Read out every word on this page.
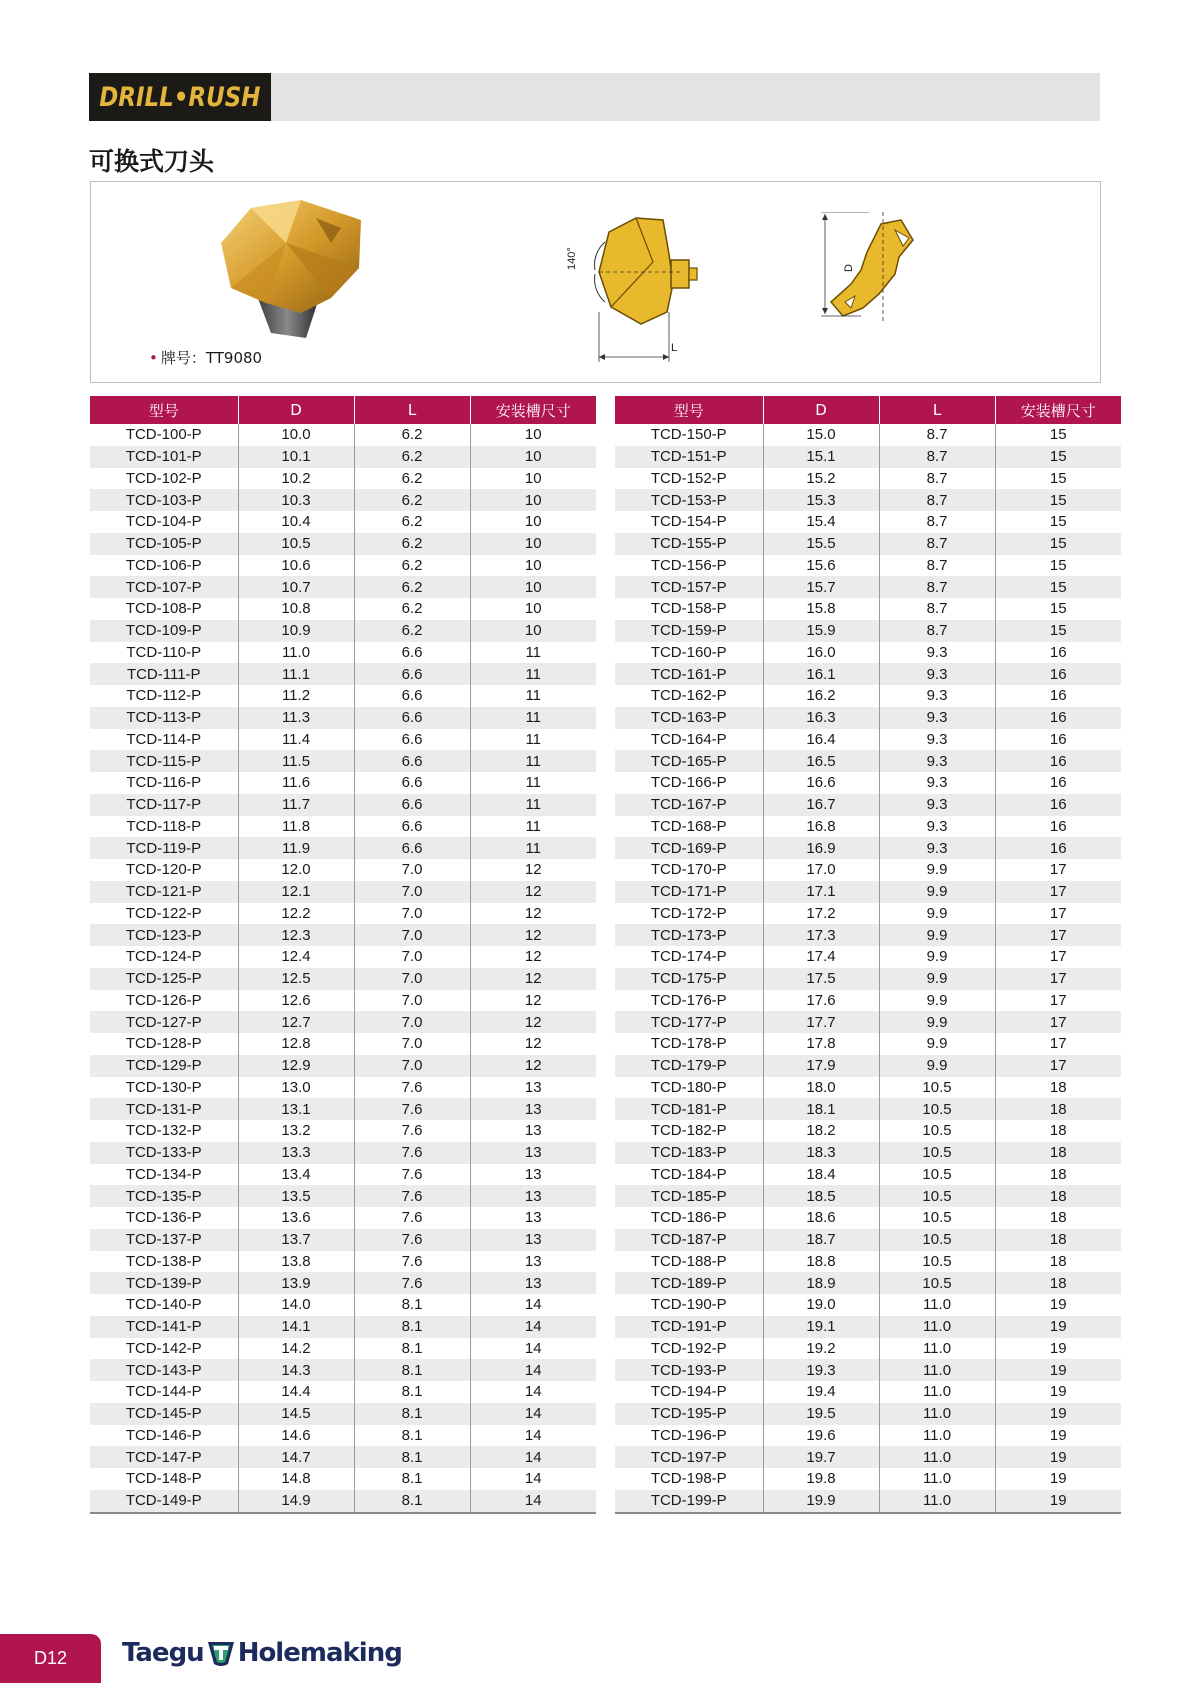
DRILL•RUSH
可换式刀头
• 牌号：TT9080
140°
L
D
型号	D	L	安装槽尺寸
TCD-100-P	10.0	6.2	10
TCD-101-P	10.1	6.2	10
TCD-102-P	10.2	6.2	10
TCD-103-P	10.3	6.2	10
TCD-104-P	10.4	6.2	10
TCD-105-P	10.5	6.2	10
TCD-106-P	10.6	6.2	10
TCD-107-P	10.7	6.2	10
TCD-108-P	10.8	6.2	10
TCD-109-P	10.9	6.2	10
TCD-110-P	11.0	6.6	11
TCD-111-P	11.1	6.6	11
TCD-112-P	11.2	6.6	11
TCD-113-P	11.3	6.6	11
TCD-114-P	11.4	6.6	11
TCD-115-P	11.5	6.6	11
TCD-116-P	11.6	6.6	11
TCD-117-P	11.7	6.6	11
TCD-118-P	11.8	6.6	11
TCD-119-P	11.9	6.6	11
TCD-120-P	12.0	7.0	12
TCD-121-P	12.1	7.0	12
TCD-122-P	12.2	7.0	12
TCD-123-P	12.3	7.0	12
TCD-124-P	12.4	7.0	12
TCD-125-P	12.5	7.0	12
TCD-126-P	12.6	7.0	12
TCD-127-P	12.7	7.0	12
TCD-128-P	12.8	7.0	12
TCD-129-P	12.9	7.0	12
TCD-130-P	13.0	7.6	13
TCD-131-P	13.1	7.6	13
TCD-132-P	13.2	7.6	13
TCD-133-P	13.3	7.6	13
TCD-134-P	13.4	7.6	13
TCD-135-P	13.5	7.6	13
TCD-136-P	13.6	7.6	13
TCD-137-P	13.7	7.6	13
TCD-138-P	13.8	7.6	13
TCD-139-P	13.9	7.6	13
TCD-140-P	14.0	8.1	14
TCD-141-P	14.1	8.1	14
TCD-142-P	14.2	8.1	14
TCD-143-P	14.3	8.1	14
TCD-144-P	14.4	8.1	14
TCD-145-P	14.5	8.1	14
TCD-146-P	14.6	8.1	14
TCD-147-P	14.7	8.1	14
TCD-148-P	14.8	8.1	14
TCD-149-P	14.9	8.1	14
型号	D	L	安装槽尺寸
TCD-150-P	15.0	8.7	15
TCD-151-P	15.1	8.7	15
TCD-152-P	15.2	8.7	15
TCD-153-P	15.3	8.7	15
TCD-154-P	15.4	8.7	15
TCD-155-P	15.5	8.7	15
TCD-156-P	15.6	8.7	15
TCD-157-P	15.7	8.7	15
TCD-158-P	15.8	8.7	15
TCD-159-P	15.9	8.7	15
TCD-160-P	16.0	9.3	16
TCD-161-P	16.1	9.3	16
TCD-162-P	16.2	9.3	16
TCD-163-P	16.3	9.3	16
TCD-164-P	16.4	9.3	16
TCD-165-P	16.5	9.3	16
TCD-166-P	16.6	9.3	16
TCD-167-P	16.7	9.3	16
TCD-168-P	16.8	9.3	16
TCD-169-P	16.9	9.3	16
TCD-170-P	17.0	9.9	17
TCD-171-P	17.1	9.9	17
TCD-172-P	17.2	9.9	17
TCD-173-P	17.3	9.9	17
TCD-174-P	17.4	9.9	17
TCD-175-P	17.5	9.9	17
TCD-176-P	17.6	9.9	17
TCD-177-P	17.7	9.9	17
TCD-178-P	17.8	9.9	17
TCD-179-P	17.9	9.9	17
TCD-180-P	18.0	10.5	18
TCD-181-P	18.1	10.5	18
TCD-182-P	18.2	10.5	18
TCD-183-P	18.3	10.5	18
TCD-184-P	18.4	10.5	18
TCD-185-P	18.5	10.5	18
TCD-186-P	18.6	10.5	18
TCD-187-P	18.7	10.5	18
TCD-188-P	18.8	10.5	18
TCD-189-P	18.9	10.5	18
TCD-190-P	19.0	11.0	19
TCD-191-P	19.1	11.0	19
TCD-192-P	19.2	11.0	19
TCD-193-P	19.3	11.0	19
TCD-194-P	19.4	11.0	19
TCD-195-P	19.5	11.0	19
TCD-196-P	19.6	11.0	19
TCD-197-P	19.7	11.0	19
TCD-198-P	19.8	11.0	19
TCD-199-P	19.9	11.0	19
D12 Taegu Holemaking
